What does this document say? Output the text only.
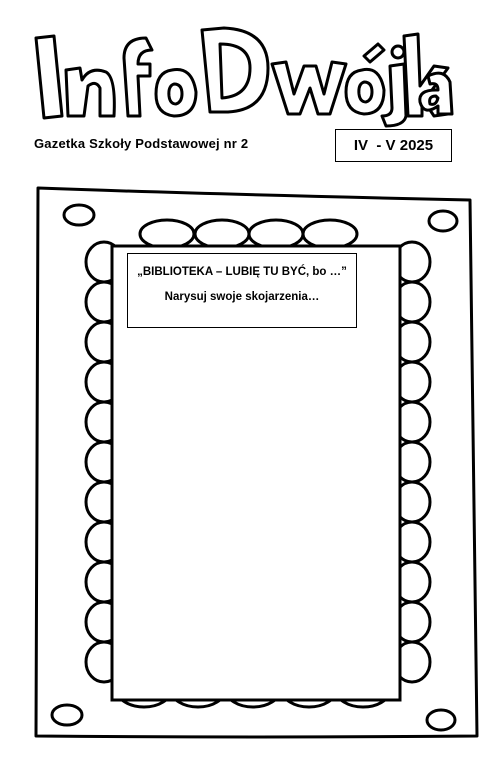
Gazetka Szkoły Podstawowej nr 2	IV  - V 2025
„BIBLIOTEKA – LUBIĘ TU BYĆ, bo …”
Narysuj swoje skojarzenia…
